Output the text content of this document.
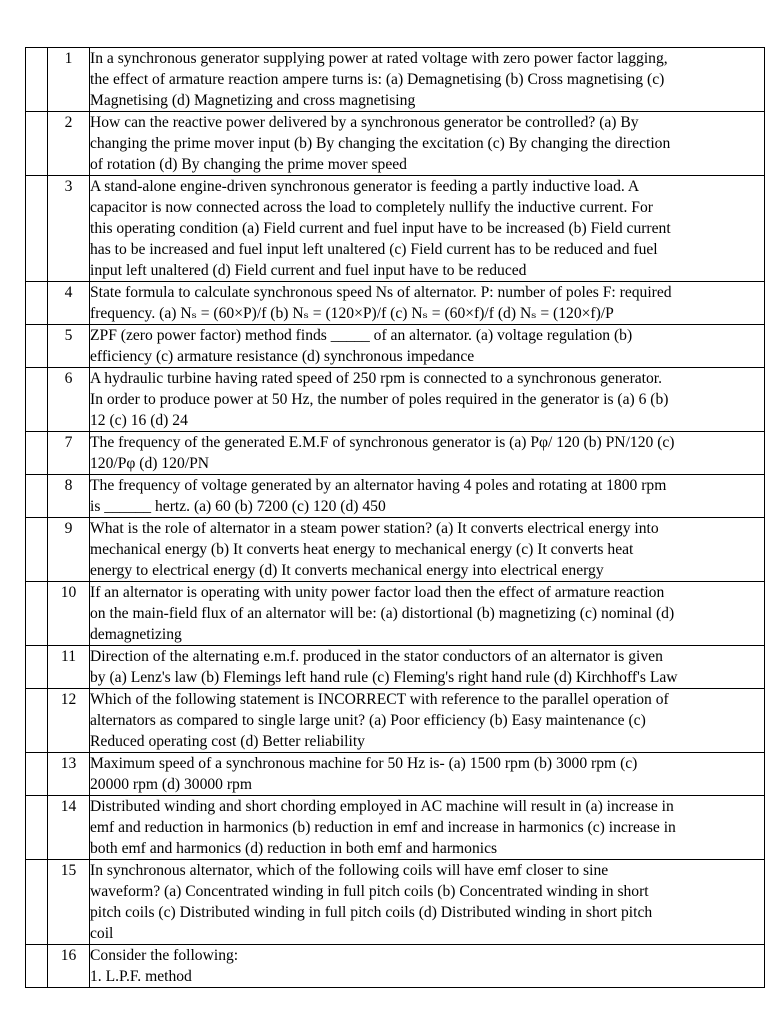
	1	In a synchronous generator supplying power at rated voltage with zero power factor lagging,
the effect of armature reaction ampere turns is: (a) Demagnetising (b) Cross magnetising (c)
Magnetising (d) Magnetizing and cross magnetising

	2	How can the reactive power delivered by a synchronous generator be controlled? (a) By
changing the prime mover input (b) By changing the excitation (c) By changing the direction
of rotation (d) By changing the prime mover speed

	3	A stand-alone engine-driven synchronous generator is feeding a partly inductive load. A
capacitor is now connected across the load to completely nullify the inductive current. For
this operating condition (a) Field current and fuel input have to be increased (b) Field current
has to be increased and fuel input left unaltered (c) Field current has to be reduced and fuel
input left unaltered (d) Field current and fuel input have to be reduced

	4	State formula to calculate synchronous speed Ns of alternator. P: number of poles F: required
frequency. (a) Nₛ = (60×P)/f (b) Nₛ = (120×P)/f (c) Nₛ = (60×f)/f (d) Nₛ = (120×f)/P

	5	ZPF (zero power factor) method finds _____ of an alternator. (a) voltage regulation (b)
efficiency (c) armature resistance (d) synchronous impedance

	6	A hydraulic turbine having rated speed of 250 rpm is connected to a synchronous generator.
In order to produce power at 50 Hz, the number of poles required in the generator is (a) 6 (b)
12 (c) 16 (d) 24

	7	The frequency of the generated E.M.F of synchronous generator is (a) Pφ/ 120 (b) PN/120 (c)
120/Pφ (d) 120/PN

	8	The frequency of voltage generated by an alternator having 4 poles and rotating at 1800 rpm
is ______ hertz. (a) 60 (b) 7200 (c) 120 (d) 450

	9	What is the role of alternator in a steam power station? (a) It converts electrical energy into
mechanical energy (b) It converts heat energy to mechanical energy (c) It converts heat
energy to electrical energy (d) It converts mechanical energy into electrical energy

	10	If an alternator is operating with unity power factor load then the effect of armature reaction
on the main-field flux of an alternator will be: (a) distortional (b) magnetizing (c) nominal (d)
demagnetizing

	11	Direction of the alternating e.m.f. produced in the stator conductors of an alternator is given
by (a) Lenz's law (b) Flemings left hand rule (c) Fleming's right hand rule (d) Kirchhoff's Law

	12	Which of the following statement is INCORRECT with reference to the parallel operation of
alternators as compared to single large unit? (a) Poor efficiency (b) Easy maintenance (c)
Reduced operating cost (d) Better reliability

	13	Maximum speed of a synchronous machine for 50 Hz is- (a) 1500 rpm (b) 3000 rpm (c)
20000 rpm (d) 30000 rpm

	14	Distributed winding and short chording employed in AC machine will result in (a) increase in
emf and reduction in harmonics (b) reduction in emf and increase in harmonics (c) increase in
both emf and harmonics (d) reduction in both emf and harmonics

	15	In synchronous alternator, which of the following coils will have emf closer to sine
waveform? (a) Concentrated winding in full pitch coils (b) Concentrated winding in short
pitch coils (c) Distributed winding in full pitch coils (d) Distributed winding in short pitch
coil

	16	Consider the following:
1. L.P.F. method
